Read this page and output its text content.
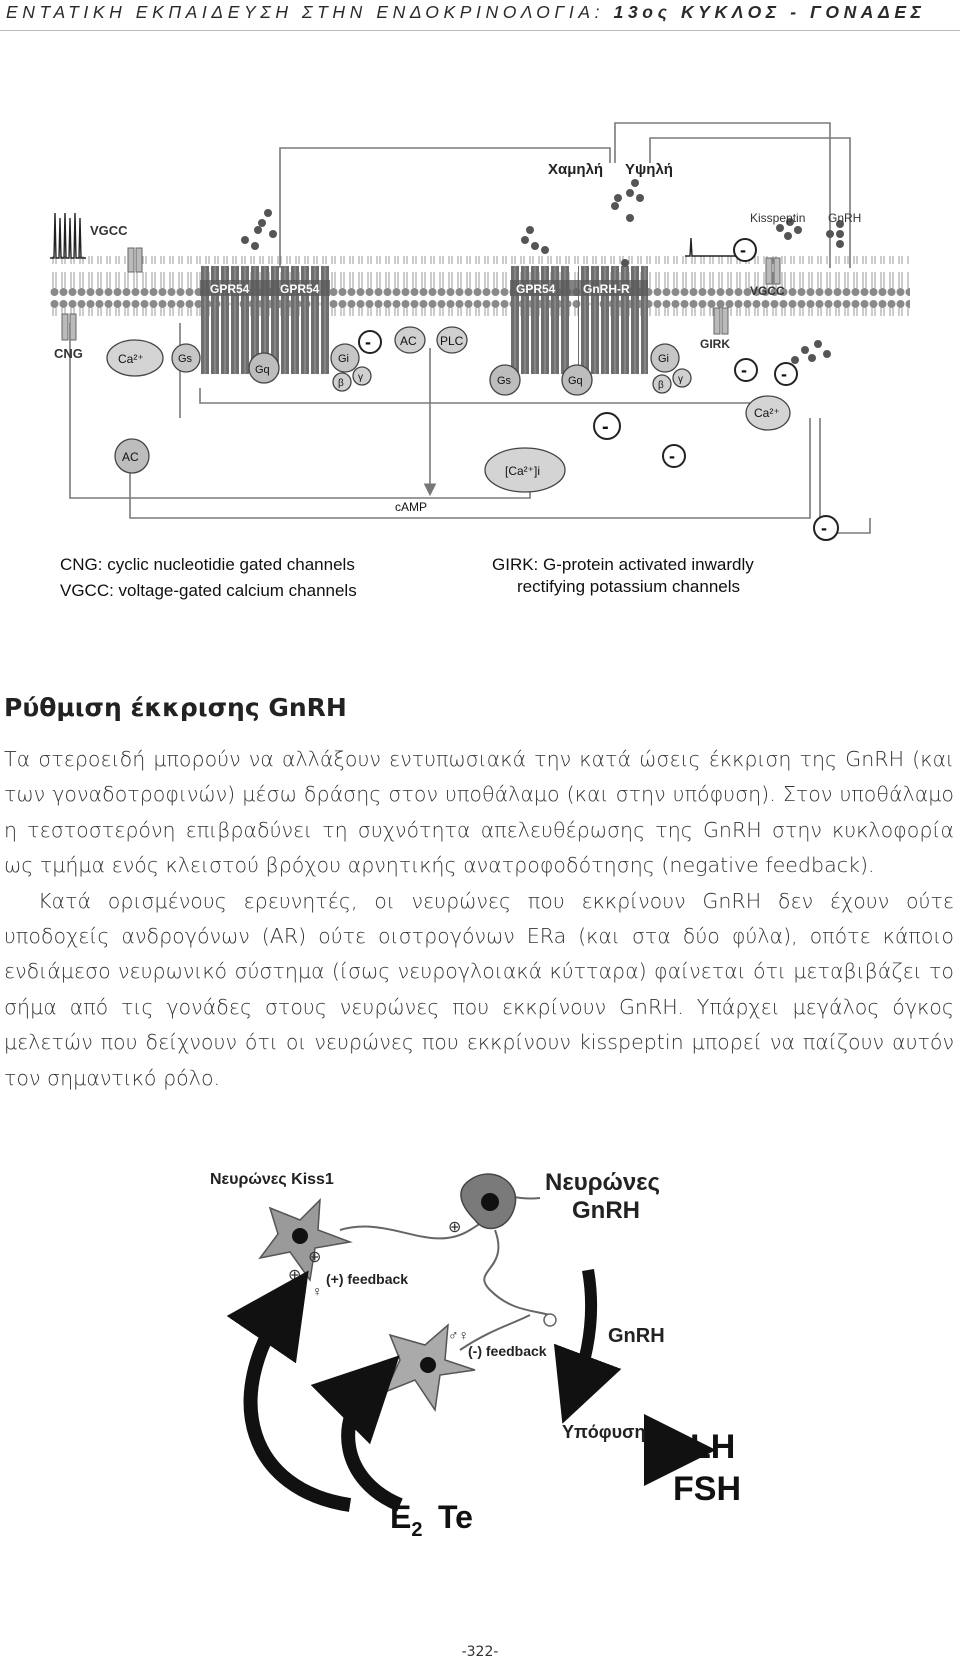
ΕΝΤΑΤΙΚΗ ΕΚΠΑΙΔΕΥΣΗ ΣΤΗΝ ΕΝΔΟΚΡΙΝΟΛΟΓΙΑ: 13ος ΚΥΚΛΟΣ - ΓΟΝΑΔΕΣ
VGCC
CNG
GPR54	GPR54	GPR54 GnRH-R
Χαμηλή Υψηλή
Kisspeptin GnRH
VGCC
GIRK
Ca²⁺	Gs
Gq
Gi
β
γ
AC PLC
Gs	Gq
Gi
β
γ
Ca²⁺
AC
[Ca²⁺]i
cAMP
-
-
- -
-
-
-
CNG: cyclic nucleotidie gated channels
VGCC: voltage-gated calcium channels
GIRK: G-protein activated inwardly
rectifying potassium channels
Ρύθμιση έκκρισης GnRH

Τα στεροειδή μπορούν να αλλάξουν εντυπωσιακά την κατά ώσεις έκκριση της GnRH (και των γοναδοτροφινών) μέσω δράσης στον υποθάλαμο (και στην υπόφυση). Στον υποθάλαμο η τεστοστερόνη επιβραδύνει τη συχνότητα απελευθέρωσης της GnRH στην κυκλοφορία ως τμήμα ενός κλειστού βρόχου αρνητικής ανατροφοδότησης (negative feedback).

Κατά ορισμένους ερευνητές, οι νευρώνες που εκκρίνουν GnRH δεν έχουν ούτε υποδοχείς ανδρογόνων (AR) ούτε οιστρογόνων ERa (και στα δύο φύλα), οπότε κάποιο ενδιάμεσο νευρωνικό σύστημα (ίσως νευρογλοιακά κύτταρα) φαίνεται ότι μεταβιβάζει το σήμα από τις γονάδες στους νευρώνες που εκκρίνουν GnRH. Υπάρχει μεγάλος όγκος μελετών που δείχνουν ότι οι νευρώνες που εκκρίνουν kisspeptin μπορεί να παίζουν αυτόν τον σημαντικό ρόλο.

Νευρώνες Kiss1	Νευρώνες
GnRH
⊕
⊕
⊕
♀
(+) feedback
⊖
♂♀
(-) feedback
GnRH
Υπόφυση LH
FSH
$E_2$ Te
-322-
